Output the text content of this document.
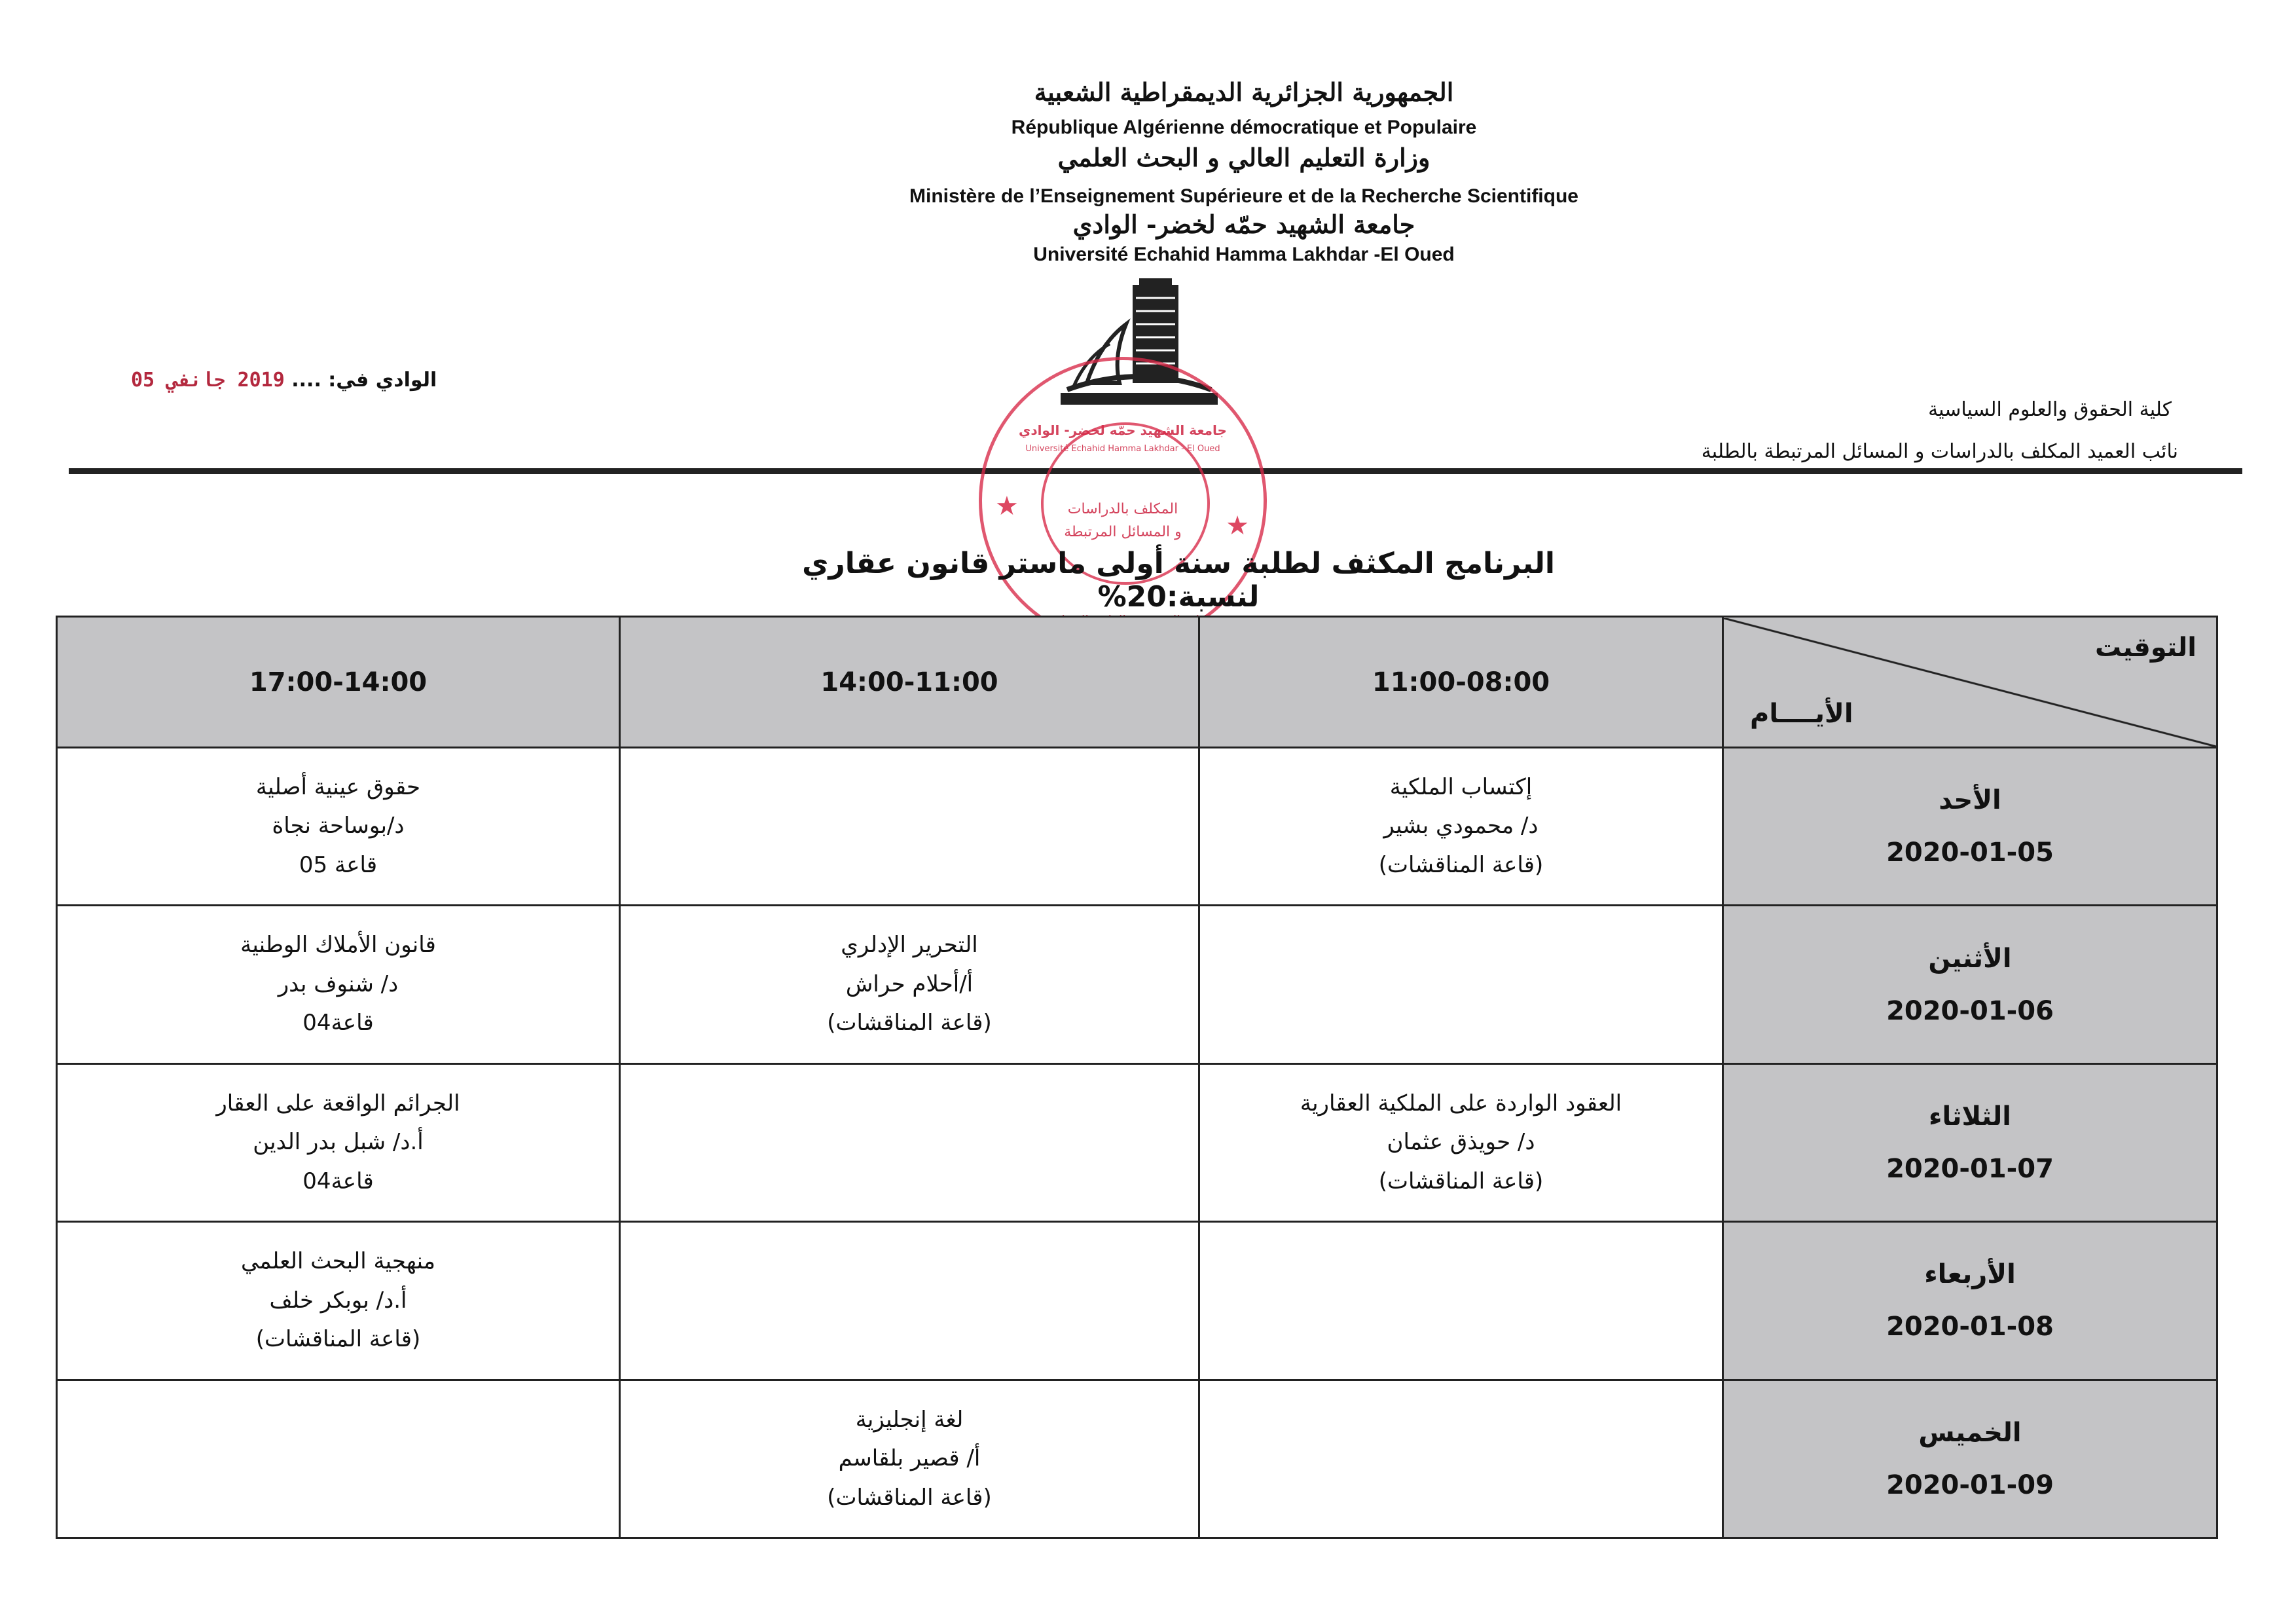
الجمهورية الجزائرية الديمقراطية الشعبية
République Algérienne démocratique et Populaire
وزارة التعليم العالي و البحث العلمي
Ministère de l’Enseignement Supérieure et de la Recherche Scientifique
جامعة الشهيد حمّه لخضر- الوادي
Université Echahid Hamma Lakhdar -El Oued
كلية الحقوق والعلوم السياسية
نائب العميد المكلف بالدراسات و المسائل المرتبطة بالطلبة
الوادي في: .... 2019 جانفي 05
جامعة الشهيد حمّه لخضر- الوادي
Université Echahid Hamma Lakhdar - El Oued
المكلف بالدراسات
و المسائل المرتبطة
★
★
البرنامج المكثف لطلبة سنة أولى ماستر قانون عقاري لنسبة:20%
التوقيت
الأيــــام	11:00-08:00	14:00-11:00	17:00-14:00

الأحد
2020-01-05	إكتساب الملكية
د/ محمودي بشير
(قاعة المناقشات)		حقوق عينية أصلية
د/بوساحة نجاة
قاعة 05

الأثنين
2020-01-06		التحرير الإدلري
أ/أحلام حراش
(قاعة المناقشات)	قانون الأملاك الوطنية
د/ شنوف بدر
قاعة04

الثلاثاء
2020-01-07	العقود الواردة على الملكية العقارية
د/ حويذق عثمان
(قاعة المناقشات)		الجرائم الواقعة على العقار
أ.د/ شبل بدر الدين
قاعة04

الأربعاء
2020-01-08			منهجية البحث العلمي
أ.د/ بوبكر خلف
(قاعة المناقشات)

الخميس
2020-01-09		لغة إنجليزية
أ/ قصير بلقاسم
(قاعة المناقشات)	
